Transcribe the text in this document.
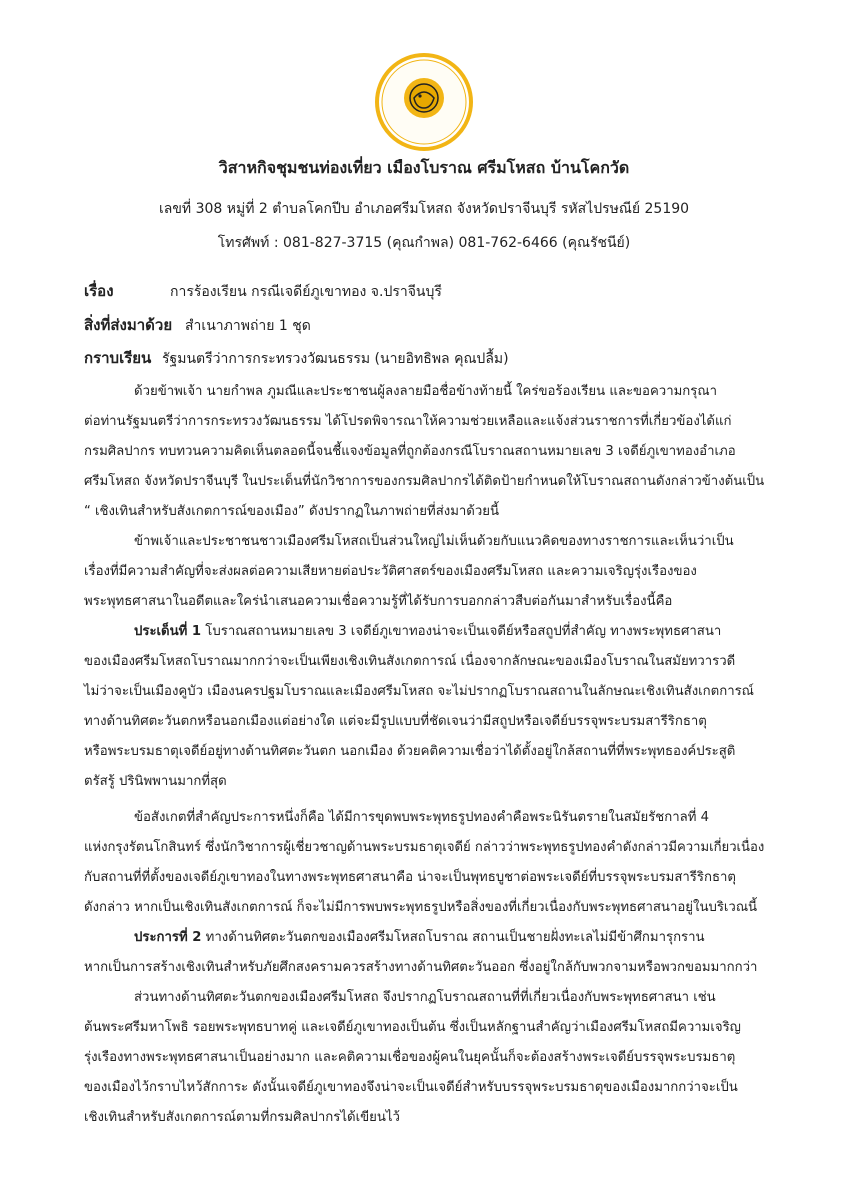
วิสาหกิจชุมชนท่องเที่ยว เมืองโบราณ ศรีมโหสถ บ้านโคกวัด
เลขที่ 308 หมู่ที่ 2 ตำบลโคกปีบ อำเภอศรีมโหสถ จังหวัดปราจีนบุรี รหัสไปรษณีย์ 25190
โทรศัพท์ : 081-827-3715 (คุณกำพล) 081-762-6466 (คุณรัชนีย์)
เรื่อง	การร้องเรียน กรณีเจดีย์ภูเขาทอง จ.ปราจีนบุรี
สิ่งที่ส่งมาด้วย สำเนาภาพถ่าย 1 ชุด
กราบเรียน รัฐมนตรีว่าการกระทรวงวัฒนธรรม (นายอิทธิพล คุณปลื้ม)
ด้วยข้าพเจ้า นายกำพล ภูมณีและประชาชนผู้ลงลายมือชื่อข้างท้ายนี้ ใคร่ขอร้องเรียน และขอความกรุณา
ต่อท่านรัฐมนตรีว่าการกระทรวงวัฒนธรรม ได้โปรดพิจารณาให้ความช่วยเหลือและแจ้งส่วนราชการที่เกี่ยวข้องได้แก่
กรมศิลปากร ทบทวนความคิดเห็นตลอดนี้จนชี้แจงข้อมูลที่ถูกต้องกรณีโบราณสถานหมายเลข 3 เจดีย์ภูเขาทองอำเภอ
ศรีมโหสถ จังหวัดปราจีนบุรี ในประเด็นที่นักวิชาการของกรมศิลปากรได้ติดป้ายกำหนดให้โบราณสถานดังกล่าวข้างต้นเป็น
“ เชิงเทินสำหรับสังเกตการณ์ของเมือง” ดังปรากฏในภาพถ่ายที่ส่งมาด้วยนี้
ข้าพเจ้าและประชาชนชาวเมืองศรีมโหสถเป็นส่วนใหญ่ไม่เห็นด้วยกับแนวคิดของทางราชการและเห็นว่าเป็น
เรื่องที่มีความสำคัญที่จะส่งผลต่อความเสียหายต่อประวัติศาสตร์ของเมืองศรีมโหสถ และความเจริญรุ่งเรืองของ
พระพุทธศาสนาในอดีตและใคร่นำเสนอความเชื่อความรู้ที่ได้รับการบอกกล่าวสืบต่อกันมาสำหรับเรื่องนี้คือ
ประเด็นที่ 1 โบราณสถานหมายเลข 3 เจดีย์ภูเขาทองน่าจะเป็นเจดีย์หรือสถูปที่สำคัญ ทางพระพุทธศาสนา
ของเมืองศรีมโหสถโบราณมากกว่าจะเป็นเพียงเชิงเทินสังเกตการณ์ เนื่องจากลักษณะของเมืองโบราณในสมัยทวารวดี
ไม่ว่าจะเป็นเมืองคูบัว เมืองนครปฐมโบราณและเมืองศรีมโหสถ จะไม่ปรากฏโบราณสถานในลักษณะเชิงเทินสังเกตการณ์
ทางด้านทิศตะวันตกหรือนอกเมืองแต่อย่างใด แต่จะมีรูปแบบที่ชัดเจนว่ามีสถูปหรือเจดีย์บรรจุพระบรมสารีริกธาตุ
หรือพระบรมธาตุเจดีย์อยู่ทางด้านทิศตะวันตก นอกเมือง ด้วยคติความเชื่อว่าได้ตั้งอยู่ใกล้สถานที่ที่พระพุทธองค์ประสูติ
ตรัสรู้ ปรินิพพานมากที่สุด
ข้อสังเกตที่สำคัญประการหนึ่งก็คือ ได้มีการขุดพบพระพุทธรูปทองคำคือพระนิรันตรายในสมัยรัชกาลที่ 4
แห่งกรุงรัตนโกสินทร์ ซึ่งนักวิชาการผู้เชี่ยวชาญด้านพระบรมธาตุเจดีย์ กล่าวว่าพระพุทธรูปทองคำดังกล่าวมีความเกี่ยวเนื่อง
กับสถานที่ที่ตั้งของเจดีย์ภูเขาทองในทางพระพุทธศาสนาคือ น่าจะเป็นพุทธบูชาต่อพระเจดีย์ที่บรรจุพระบรมสารีริกธาตุ
ดังกล่าว หากเป็นเชิงเทินสังเกตการณ์ ก็จะไม่มีการพบพระพุทธรูปหรือสิ่งของที่เกี่ยวเนื่องกับพระพุทธศาสนาอยู่ในบริเวณนี้
ประการที่ 2 ทางด้านทิศตะวันตกของเมืองศรีมโหสถโบราณ สถานเป็นชายฝั่งทะเลไม่มีข้าศึกมารุกราน
หากเป็นการสร้างเชิงเทินสำหรับภัยศึกสงครามควรสร้างทางด้านทิศตะวันออก ซึ่งอยู่ใกล้กับพวกจามหรือพวกขอมมากกว่า
ส่วนทางด้านทิศตะวันตกของเมืองศรีมโหสถ จึงปรากฏโบราณสถานที่ที่เกี่ยวเนื่องกับพระพุทธศาสนา เช่น
ต้นพระศรีมหาโพธิ รอยพระพุทธบาทคู่ และเจดีย์ภูเขาทองเป็นต้น ซึ่งเป็นหลักฐานสำคัญว่าเมืองศรีมโหสถมีความเจริญ
รุ่งเรืองทางพระพุทธศาสนาเป็นอย่างมาก และคติความเชื่อของผู้คนในยุคนั้นก็จะต้องสร้างพระเจดีย์บรรจุพระบรมธาตุ
ของเมืองไว้กราบไหว้สักการะ ดังนั้นเจดีย์ภูเขาทองจึงน่าจะเป็นเจดีย์สำหรับบรรจุพระบรมธาตุของเมืองมากกว่าจะเป็น
เชิงเทินสำหรับสังเกตการณ์ตามที่กรมศิลปากรได้เขียนไว้
